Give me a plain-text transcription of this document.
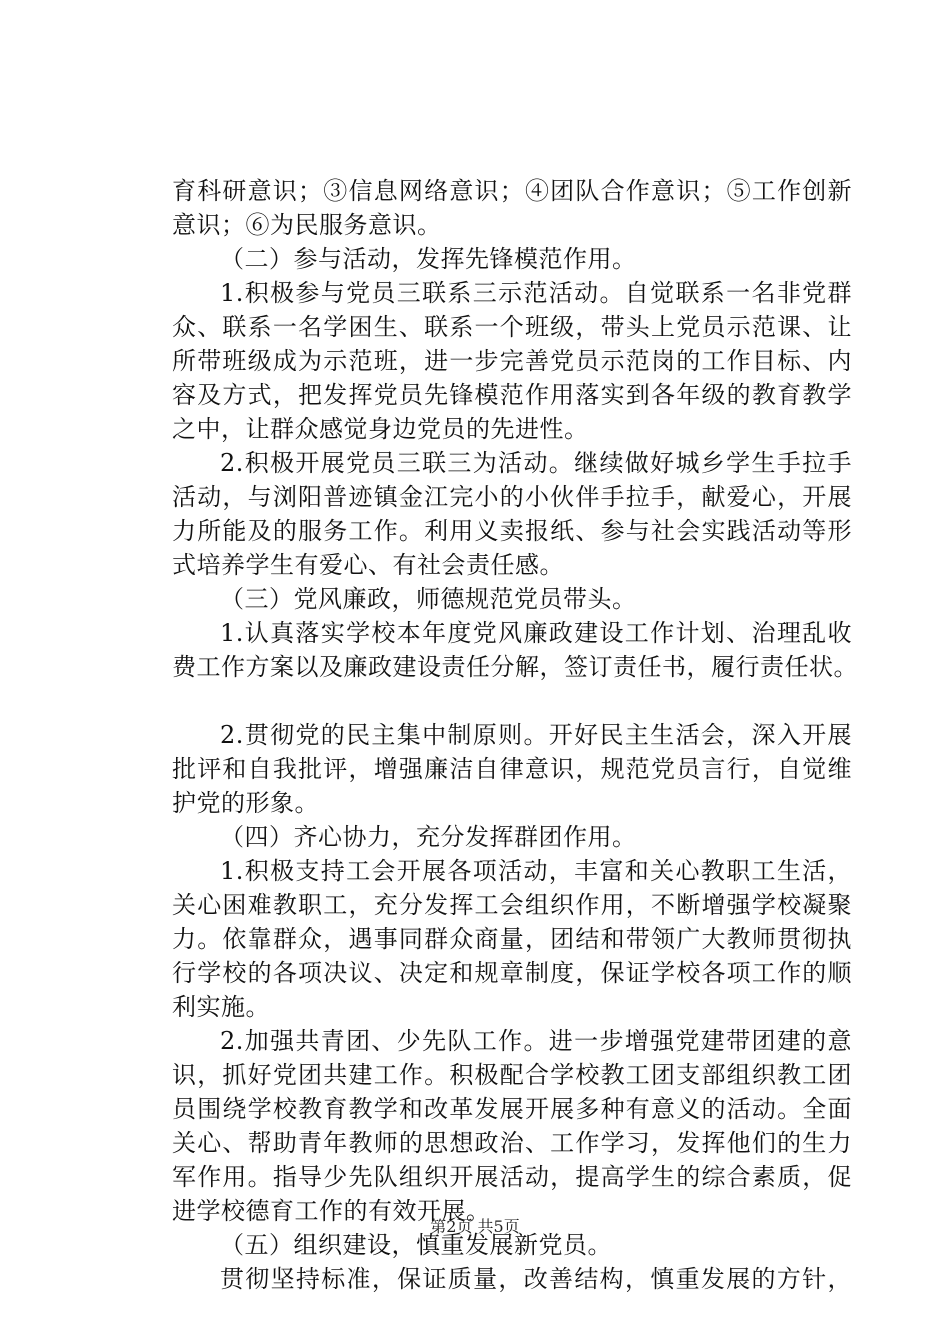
育科研意识；③信息网络意识；④团队合作意识；⑤工作创新
意识；⑥为民服务意识。
（二）参与活动，发挥先锋模范作用。
1.积极参与党员三联系三示范活动。自觉联系一名非党群
众、联系一名学困生、联系一个班级，带头上党员示范课、让
所带班级成为示范班，进一步完善党员示范岗的工作目标、内
容及方式，把发挥党员先锋模范作用落实到各年级的教育教学
之中，让群众感觉身边党员的先进性。
2.积极开展党员三联三为活动。继续做好城乡学生手拉手
活动，与浏阳普迹镇金江完小的小伙伴手拉手，献爱心，开展
力所能及的服务工作。利用义卖报纸、参与社会实践活动等形
式培养学生有爱心、有社会责任感。
（三）党风廉政，师德规范党员带头。
1.认真落实学校本年度党风廉政建设工作计划、治理乱收
费工作方案以及廉政建设责任分解，签订责任书，履行责任状。
2.贯彻党的民主集中制原则。开好民主生活会，深入开展
批评和自我批评，增强廉洁自律意识，规范党员言行，自觉维
护党的形象。
（四）齐心协力，充分发挥群团作用。
1.积极支持工会开展各项活动，丰富和关心教职工生活，
关心困难教职工，充分发挥工会组织作用，不断增强学校凝聚
力。依靠群众，遇事同群众商量，团结和带领广大教师贯彻执
行学校的各项决议、决定和规章制度，保证学校各项工作的顺
利实施。
2.加强共青团、少先队工作。进一步增强党建带团建的意
识，抓好党团共建工作。积极配合学校教工团支部组织教工团
员围绕学校教育教学和改革发展开展多种有意义的活动。全面
关心、帮助青年教师的思想政治、工作学习，发挥他们的生力
军作用。指导少先队组织开展活动，提高学生的综合素质，促
进学校德育工作的有效开展。
（五）组织建设，慎重发展新党员。
贯彻坚持标准，保证质量，改善结构，慎重发展的方针，
第2页 共5页
